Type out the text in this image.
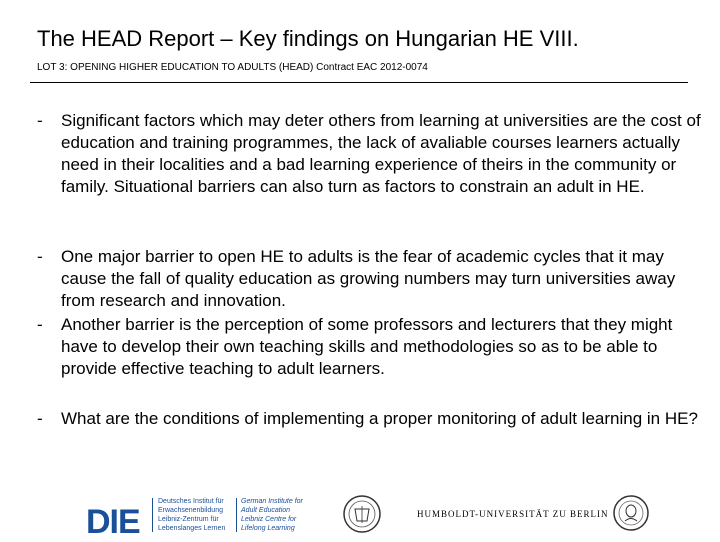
The HEAD Report – Key findings on Hungarian HE VIII.
LOT 3: OPENING HIGHER EDUCATION TO ADULTS (HEAD) Contract EAC 2012-0074
- Significant factors which may deter others from learning at universities are the cost of education and training programmes, the lack of avaliable courses learners actually need in their localities and a bad learning experience of theirs in the community or family. Situational barriers can also turn as factors to constrain an adult in HE.
- One major barrier to open HE to adults is the fear of academic cycles that it may cause the fall of quality education as growing numbers may turn universities away from research and innovation.
- Another barrier is the perception of some professors and lecturers that they might have to develop their own teaching skills and methodologies so as to be able to provide effective teaching to adult learners.
- What are the conditions of implementing a proper monitoring of adult learning in HE?
DIE
Deutsches Institut für
Erwachsenenbildung
Leibniz-Zentrum für
Lebenslanges Lernen
German Institute for
Adult Education
Leibniz Centre for
Lifelong Learning
HUMBOLDT-UNIVERSITÄT ZU BERLIN
